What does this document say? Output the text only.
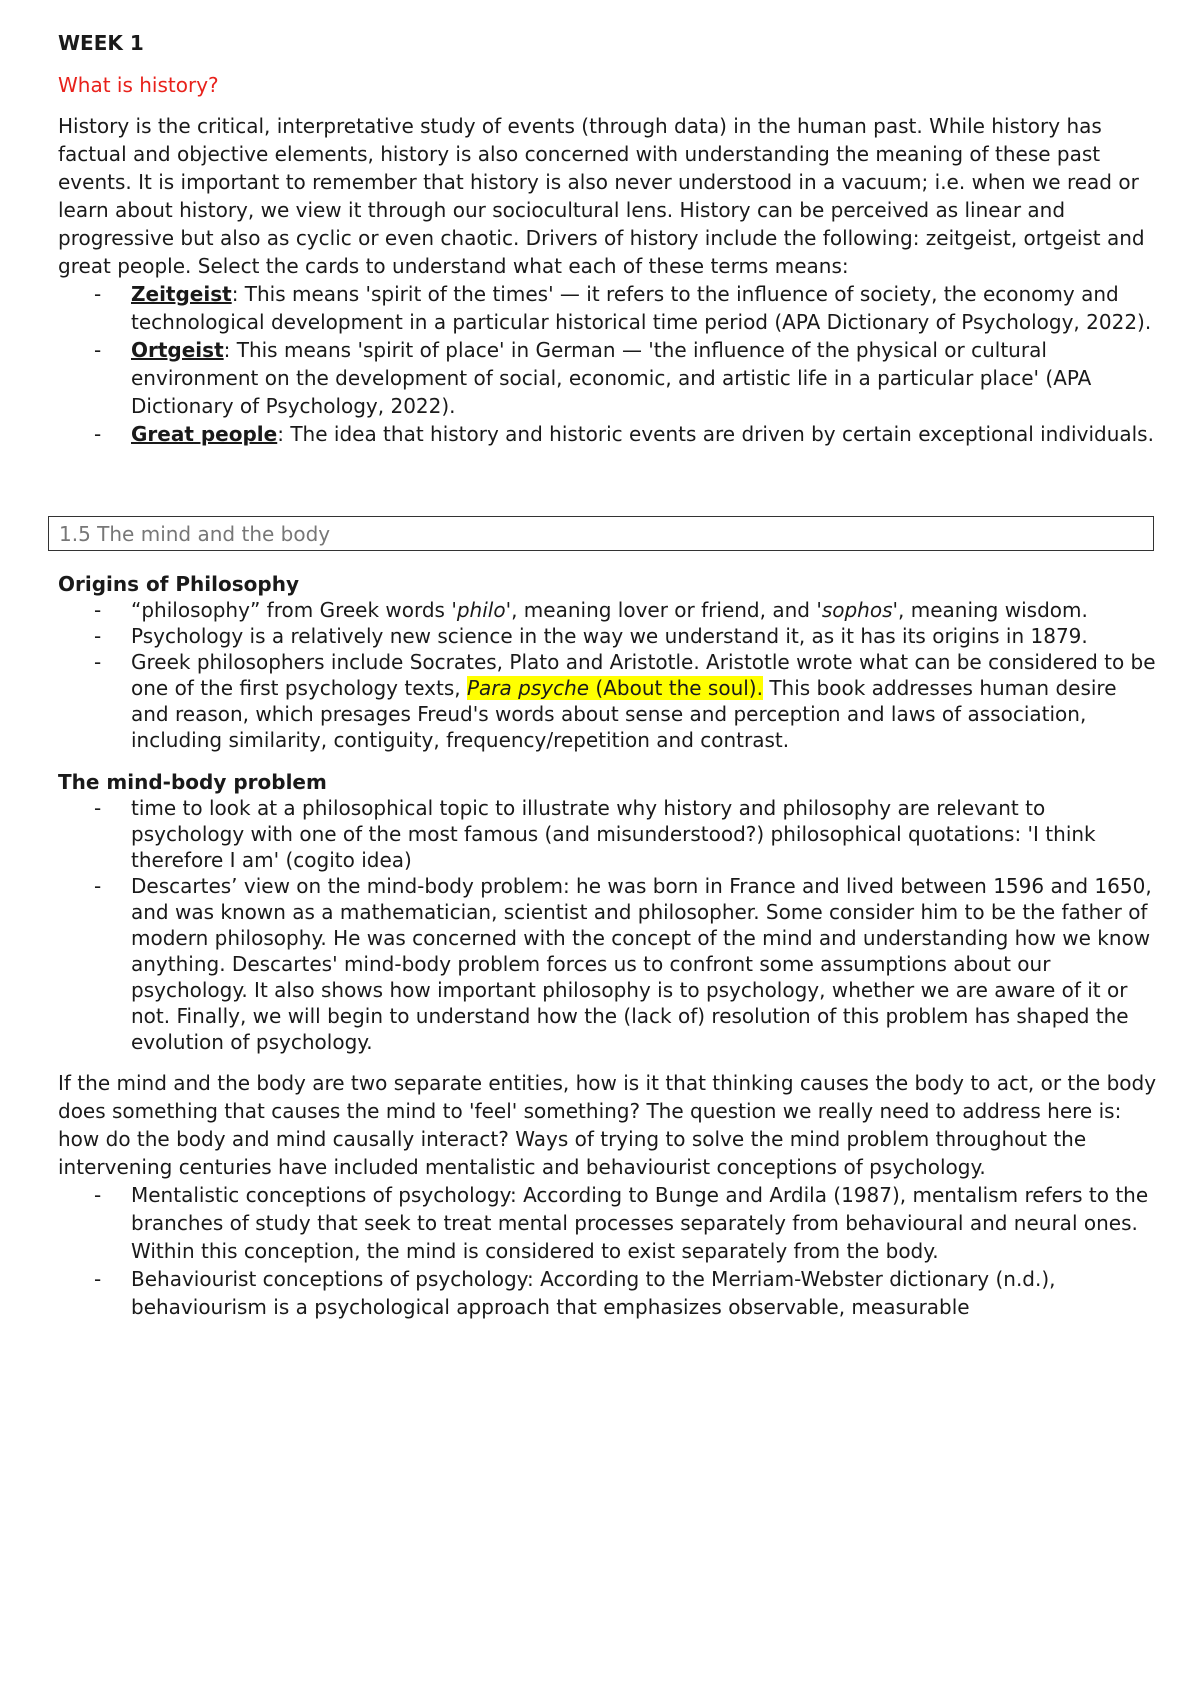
WEEK 1
What is history?

History is the critical, interpretative study of events (through data) in the human past. While history has factual and objective elements, history is also concerned with understanding the meaning of these past events. It is important to remember that history is also never understood in a vacuum; i.e. when we read or learn about history, we view it through our sociocultural lens. History can be perceived as linear and progressive but also as cyclic or even chaotic. Drivers of history include the following: zeitgeist, ortgeist and great people. Select the cards to understand what each of these terms means:

- Zeitgeist: This means 'spirit of the times' — it refers to the influence of society, the economy and technological development in a particular historical time period (APA Dictionary of Psychology, 2022).
- Ortgeist: This means 'spirit of place' in German — 'the influence of the physical or cultural environment on the development of social, economic, and artistic life in a particular place' (APA Dictionary of Psychology, 2022).
- Great people: The idea that history and historic events are driven by certain exceptional individuals.
1.5 The mind and the body
Origins of Philosophy
- “philosophy” from Greek words 'philo', meaning lover or friend, and 'sophos', meaning wisdom.
- Psychology is a relatively new science in the way we understand it, as it has its origins in 1879.
- Greek philosophers include Socrates, Plato and Aristotle. Aristotle wrote what can be considered to be one of the first psychology texts, Para psyche (About the soul). This book addresses human desire and reason, which presages Freud's words about sense and perception and laws of association, including similarity, contiguity, frequency/repetition and contrast.
The mind-body problem
- time to look at a philosophical topic to illustrate why history and philosophy are relevant to psychology with one of the most famous (and misunderstood?) philosophical quotations: 'I think therefore I am' (cogito idea)
- Descartes’ view on the mind-body problem: he was born in France and lived between 1596 and 1650, and was known as a mathematician, scientist and philosopher. Some consider him to be the father of modern philosophy. He was concerned with the concept of the mind and understanding how we know anything. Descartes' mind-body problem forces us to confront some assumptions about our psychology. It also shows how important philosophy is to psychology, whether we are aware of it or not. Finally, we will begin to understand how the (lack of) resolution of this problem has shaped the evolution of psychology.

If the mind and the body are two separate entities, how is it that thinking causes the body to act, or the body does something that causes the mind to 'feel' something? The question we really need to address here is: how do the body and mind causally interact? Ways of trying to solve the mind problem throughout the intervening centuries have included mentalistic and behaviourist conceptions of psychology.

- Mentalistic conceptions of psychology: According to Bunge and Ardila (1987), mentalism refers to the branches of study that seek to treat mental processes separately from behavioural and neural ones. Within this conception, the mind is considered to exist separately from the body.
- Behaviourist conceptions of psychology: According to the Merriam-Webster dictionary (n.d.), behaviourism is a psychological approach that emphasizes observable, measurable
